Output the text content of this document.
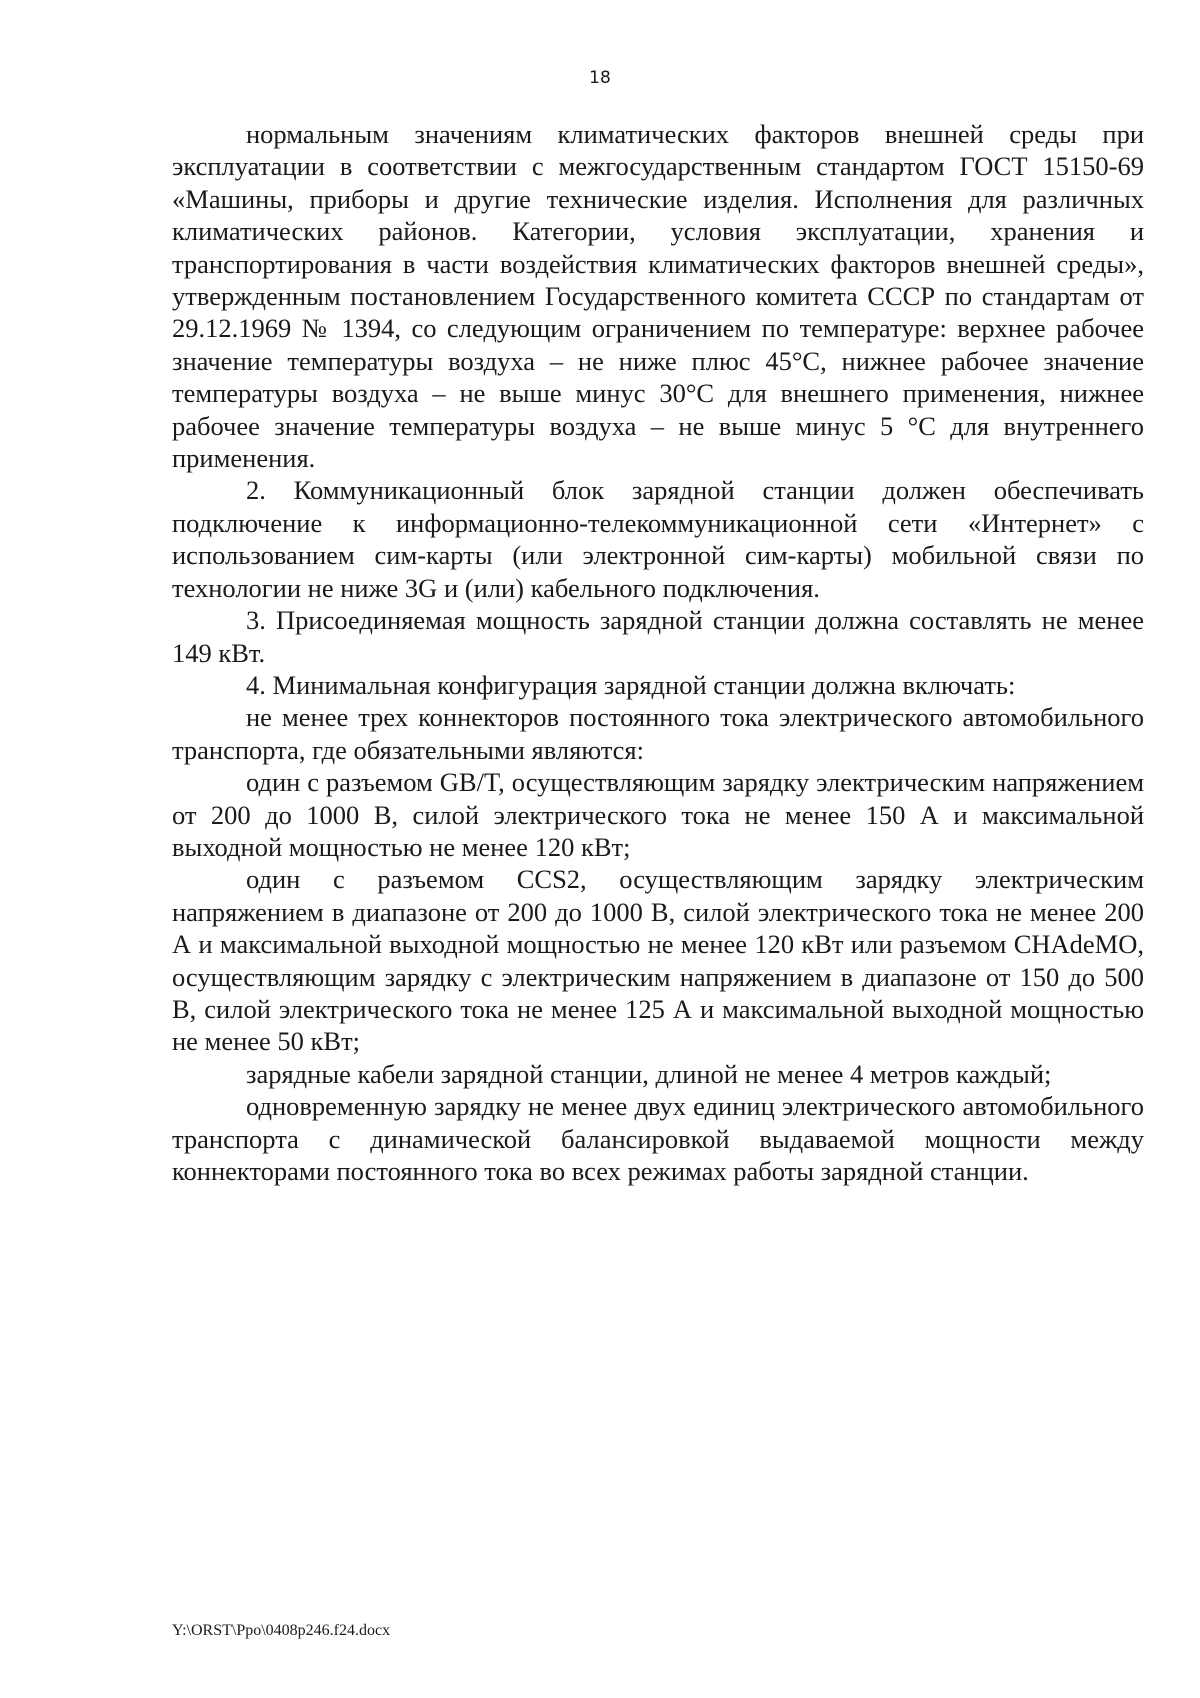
18

нормальным значениям климатических факторов внешней среды при эксплуатации в соответствии с межгосударственным стандартом ГОСТ 15150-69 «Машины, приборы и другие технические изделия. Исполнения для различных климатических районов. Категории, условия эксплуатации, хранения и транспортирования в части воздействия климатических факторов внешней среды», утвержденным постановлением Государственного комитета СССР по стандартам от 29.12.1969 № 1394, со следующим ограничением по температуре: верхнее рабочее значение температуры воздуха – не ниже плюс 45°С, нижнее рабочее значение температуры воздуха – не выше минус 30°С для внешнего применения, нижнее рабочее значение температуры воздуха – не выше минус 5 °С для внутреннего применения.

2. Коммуникационный блок зарядной станции должен обеспечивать подключение к информационно-телекоммуникационной сети «Интернет» с использованием сим-карты (или электронной сим-карты) мобильной связи по технологии не ниже 3G и (или) кабельного подключения.

3. Присоединяемая мощность зарядной станции должна составлять не менее 149 кВт.

4. Минимальная конфигурация зарядной станции должна включать:

не менее трех коннекторов постоянного тока электрического автомобильного транспорта, где обязательными являются:

один с разъемом GB/T, осуществляющим зарядку электрическим напряжением от 200 до 1000 В, силой электрического тока не менее 150 А и максимальной выходной мощностью не менее 120 кВт;

один с разъемом CCS2, осуществляющим зарядку электрическим напряжением в диапазоне от 200 до 1000 В, силой электрического тока не менее 200 А и максимальной выходной мощностью не менее 120 кВт или разъемом CHAdeMO, осуществляющим зарядку с электрическим напряжением в диапазоне от 150 до 500 В, силой электрического тока не менее 125 А и максимальной выходной мощностью не менее 50 кВт;

зарядные кабели зарядной станции, длиной не менее 4 метров каждый;

одновременную зарядку не менее двух единиц электрического автомобильного транспорта с динамической балансировкой выдаваемой мощности между коннекторами постоянного тока во всех режимах работы зарядной станции.

Y:\ORST\Ppo\0408p246.f24.docx
